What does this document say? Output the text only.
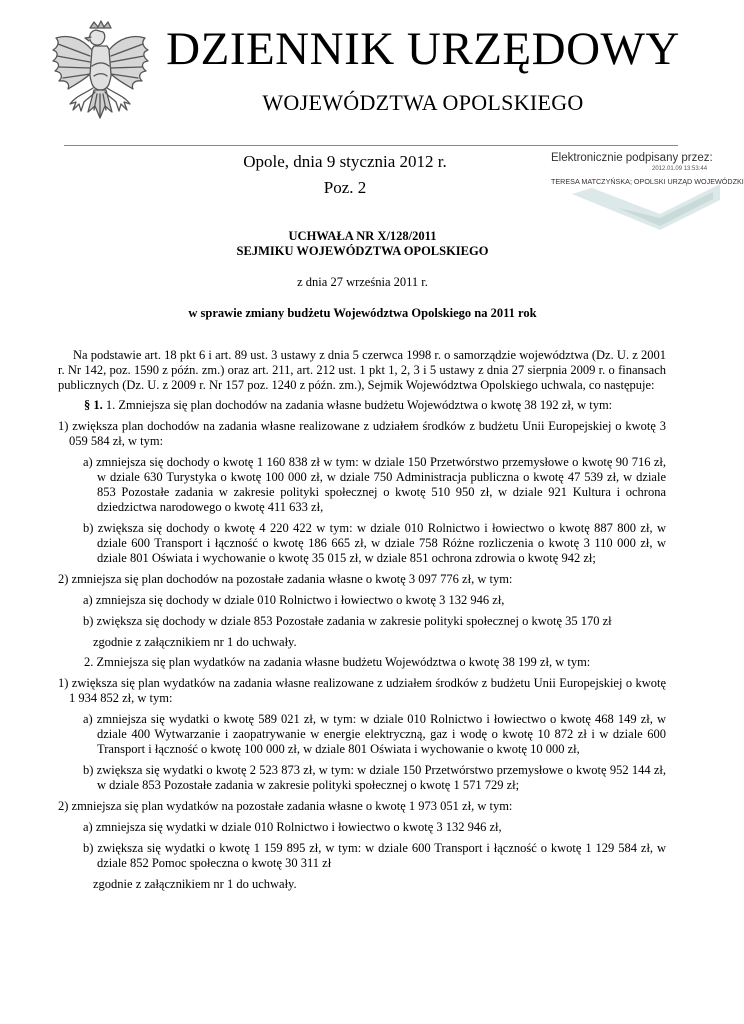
DZIENNIK URZĘDOWY
WOJEWÓDZTWA OPOLSKIEGO
Opole, dnia 9 stycznia 2012 r.
Poz. 2
Elektronicznie podpisany przez:
2012.01.09 13:53:44
TERESA MATCZYŃSKA; OPOLSKI URZĄD WOJEWÓDZKI
UCHWAŁA NR X/128/2011
SEJMIKU WOJEWÓDZTWA OPOLSKIEGO
z dnia 27 września 2011 r.
w sprawie zmiany budżetu Województwa Opolskiego na 2011 rok

Na podstawie art. 18 pkt 6 i art. 89 ust. 3 ustawy z dnia 5 czerwca 1998 r. o samorządzie województwa (Dz. U. z 2001 r. Nr 142, poz. 1590 z późn. zm.) oraz art. 211, art. 212 ust. 1 pkt 1, 2, 3 i 5 ustawy z dnia 27 sierpnia 2009 r. o finansach publicznych (Dz. U. z 2009 r. Nr 157 poz. 1240 z późn. zm.), Sejmik Województwa Opolskiego uchwala, co następuje:

§ 1. 1. Zmniejsza się plan dochodów na zadania własne budżetu Województwa o kwotę 38 192 zł, w tym:

1) zwiększa plan dochodów na zadania własne realizowane z udziałem środków z budżetu Unii Europejskiej o kwotę 3 059 584 zł, w tym:

a) zmniejsza się dochody o kwotę 1 160 838 zł w tym: w dziale 150 Przetwórstwo przemysłowe o kwotę 90 716 zł, w dziale 630 Turystyka o kwotę 100 000 zł, w dziale 750 Administracja publiczna o kwotę 47 539 zł, w dziale 853 Pozostałe zadania w zakresie polityki społecznej o kwotę 510 950 zł, w dziale 921 Kultura i ochrona dziedzictwa narodowego o kwotę 411 633 zł,

b) zwiększa się dochody o kwotę 4 220 422 w tym: w dziale 010 Rolnictwo i łowiectwo o kwotę 887 800 zł, w dziale 600 Transport i łączność o kwotę 186 665 zł, w dziale 758 Różne rozliczenia o kwotę 3 110 000 zł, w dziale 801 Oświata i wychowanie o kwotę 35 015 zł, w dziale 851 ochrona zdrowia o kwotę 942 zł;

2) zmniejsza się plan dochodów na pozostałe zadania własne o kwotę 3 097 776 zł, w tym:

a) zmniejsza się dochody w dziale 010 Rolnictwo i łowiectwo o kwotę 3 132 946 zł,

b) zwiększa się dochody w dziale 853 Pozostałe zadania w zakresie polityki społecznej o kwotę 35 170 zł

zgodnie z załącznikiem nr 1 do uchwały.

2. Zmniejsza się plan wydatków na zadania własne budżetu Województwa o kwotę 38 199 zł, w tym:

1) zwiększa się plan wydatków na zadania własne realizowane z udziałem środków z budżetu Unii Europejskiej o kwotę 1 934 852 zł, w tym:

a) zmniejsza się wydatki o kwotę 589 021 zł, w tym: w dziale 010 Rolnictwo i łowiectwo o kwotę 468 149 zł, w dziale 400 Wytwarzanie i zaopatrywanie w energie elektryczną, gaz i wodę o kwotę 10 872 zł i w dziale 600 Transport i łączność o kwotę 100 000 zł, w dziale 801 Oświata i wychowanie o kwotę 10 000 zł,

b) zwiększa się wydatki o kwotę 2 523 873 zł, w tym: w dziale 150 Przetwórstwo przemysłowe o kwotę 952 144 zł, w dziale 853 Pozostałe zadania w zakresie polityki społecznej o kwotę 1 571 729 zł;

2) zmniejsza się plan wydatków na pozostałe zadania własne o kwotę 1 973 051 zł, w tym:

a) zmniejsza się wydatki w dziale 010 Rolnictwo i łowiectwo o kwotę 3 132 946 zł,

b) zwiększa się wydatki o kwotę 1 159 895 zł, w tym: w dziale 600 Transport i łączność o kwotę 1 129 584 zł, w dziale 852 Pomoc społeczna o kwotę 30 311 zł

zgodnie z załącznikiem nr 1 do uchwały.
